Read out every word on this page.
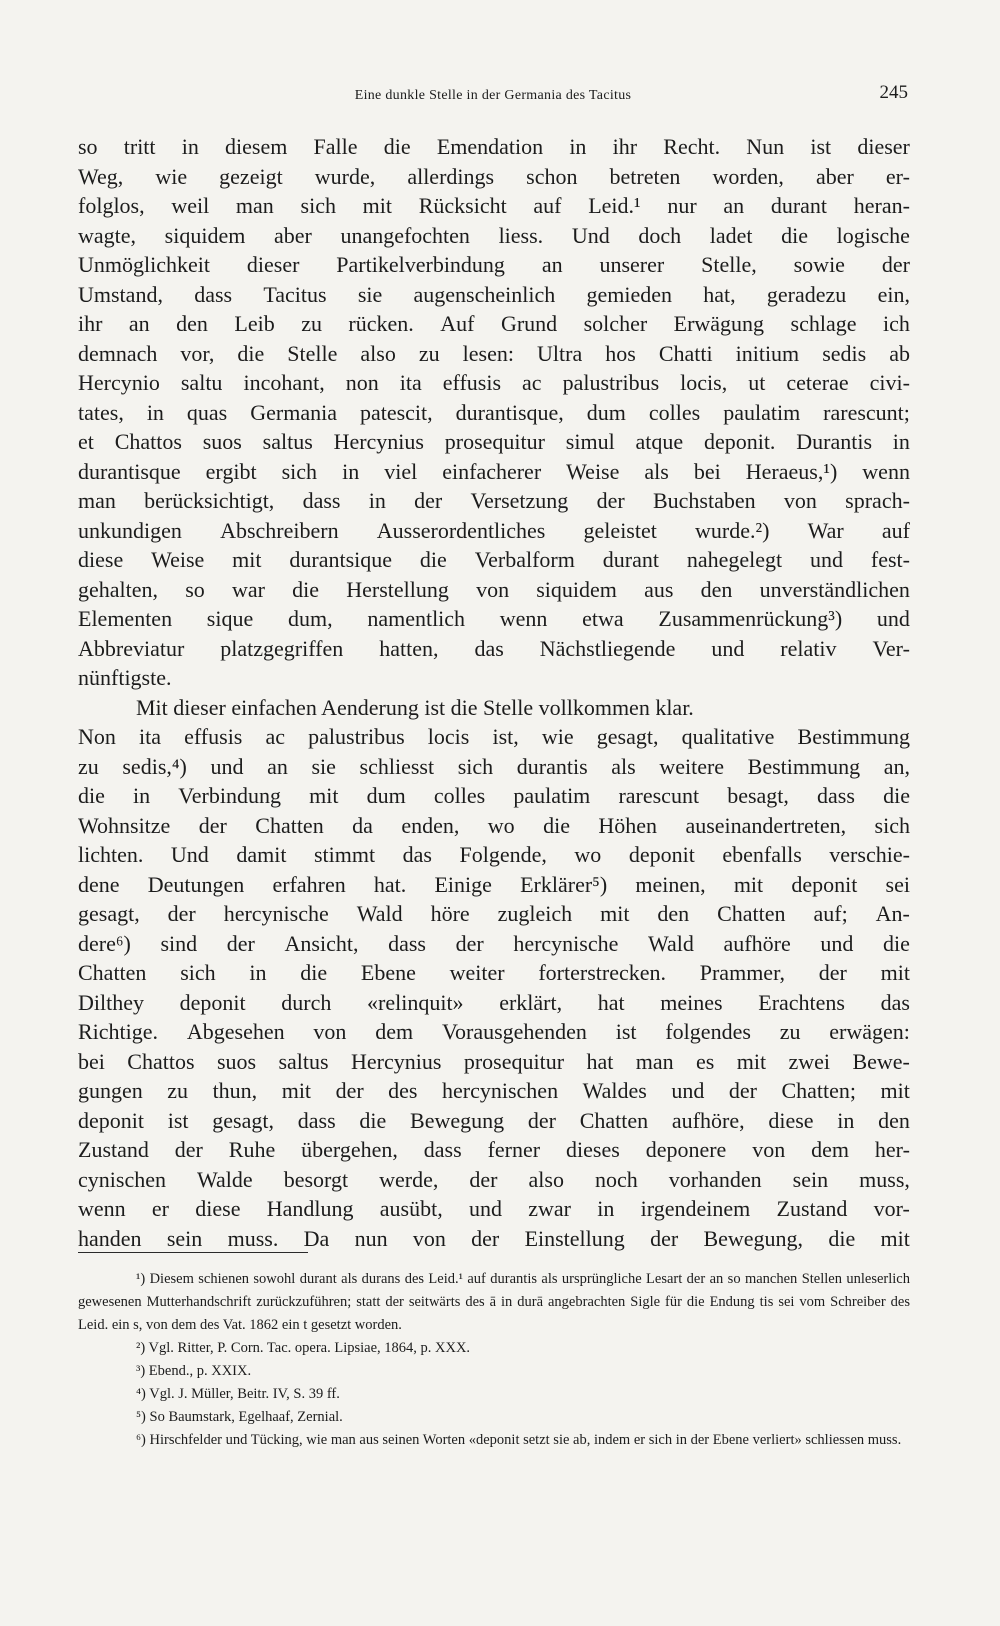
Eine dunkle Stelle in der Germania des Tacitus	245
so tritt in diesem Falle die Emendation in ihr Recht. Nun ist dieser
Weg, wie gezeigt wurde, allerdings schon betreten worden, aber er-
folglos, weil man sich mit Rücksicht auf Leid.¹ nur an durant heran-
wagte, siquidem aber unangefochten liess. Und doch ladet die logische
Unmöglichkeit dieser Partikelverbindung an unserer Stelle, sowie der
Umstand, dass Tacitus sie augenscheinlich gemieden hat, geradezu ein,
ihr an den Leib zu rücken. Auf Grund solcher Erwägung schlage ich
demnach vor, die Stelle also zu lesen: Ultra hos Chatti initium sedis ab
Hercynio saltu incohant, non ita effusis ac palustribus locis, ut ceterae civi-
tates, in quas Germania patescit, durantisque, dum colles paulatim rarescunt;
et Chattos suos saltus Hercynius prosequitur simul atque deponit. Durantis in
durantisque ergibt sich in viel einfacherer Weise als bei Heraeus,¹) wenn
man berücksichtigt, dass in der Versetzung der Buchstaben von sprach-
unkundigen Abschreibern Ausserordentliches geleistet wurde.²) War auf
diese Weise mit durantsique die Verbalform durant nahegelegt und fest-
gehalten, so war die Herstellung von siquidem aus den unverständlichen
Elementen sique dum, namentlich wenn etwa Zusammenrückung³) und
Abbreviatur platzgegriffen hatten, das Nächstliegende und relativ Ver-
nünftigste.
Mit dieser einfachen Aenderung ist die Stelle vollkommen klar.
Non ita effusis ac palustribus locis ist, wie gesagt, qualitative Bestimmung
zu sedis,⁴) und an sie schliesst sich durantis als weitere Bestimmung an,
die in Verbindung mit dum colles paulatim rarescunt besagt, dass die
Wohnsitze der Chatten da enden, wo die Höhen auseinandertreten, sich
lichten. Und damit stimmt das Folgende, wo deponit ebenfalls verschie-
dene Deutungen erfahren hat. Einige Erklärer⁵) meinen, mit deponit sei
gesagt, der hercynische Wald höre zugleich mit den Chatten auf; An-
dere⁶) sind der Ansicht, dass der hercynische Wald aufhöre und die
Chatten sich in die Ebene weiter forterstrecken. Prammer, der mit
Dilthey deponit durch «relinquit» erklärt, hat meines Erachtens das
Richtige. Abgesehen von dem Vorausgehenden ist folgendes zu erwägen:
bei Chattos suos saltus Hercynius prosequitur hat man es mit zwei Bewe-
gungen zu thun, mit der des hercynischen Waldes und der Chatten; mit
deponit ist gesagt, dass die Bewegung der Chatten aufhöre, diese in den
Zustand der Ruhe übergehen, dass ferner dieses deponere von dem her-
cynischen Walde besorgt werde, der also noch vorhanden sein muss,
wenn er diese Handlung ausübt, und zwar in irgendeinem Zustand vor-
handen sein muss. Da nun von der Einstellung der Bewegung, die mit
¹) Diesem schienen sowohl durant als durans des Leid.¹ auf durantis als ursprüngliche Lesart der an so manchen Stellen unleserlich gewesenen Mutterhandschrift zurückzuführen; statt der seitwärts des ā in durā angebrachten Sigle für die Endung tis sei vom Schreiber des Leid. ein s, von dem des Vat. 1862 ein t gesetzt worden.
²) Vgl. Ritter, P. Corn. Tac. opera. Lipsiae, 1864, p. XXX.
³) Ebend., p. XXIX.
⁴) Vgl. J. Müller, Beitr. IV, S. 39 ff.
⁵) So Baumstark, Egelhaaf, Zernial.
⁶) Hirschfelder und Tücking, wie man aus seinen Worten «deponit setzt sie ab, indem er sich in der Ebene verliert» schliessen muss.
